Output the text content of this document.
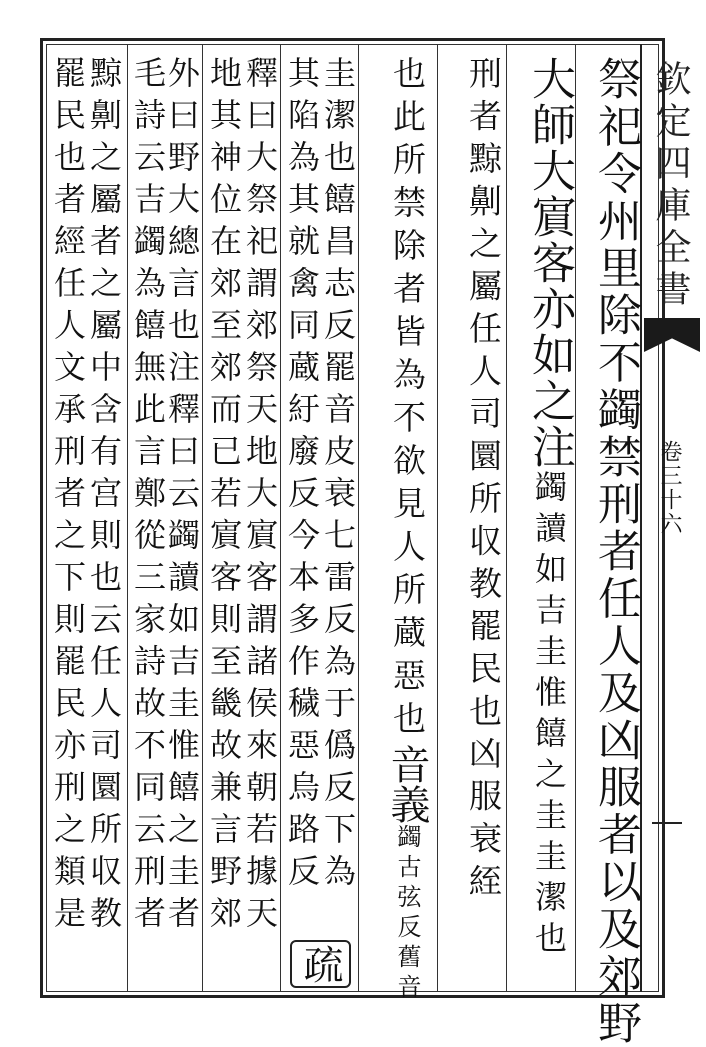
欽定四庫全書
卷三十六
祭祀令州里除不蠲禁刑者任人及凶服者以及郊野
大師大賔客亦如之注蠲讀如吉圭惟饎之圭圭潔也
刑者黥劓之屬任人司圜所収教罷民也凶服衰絰
也此所禁除者皆為不欲見人所蔵惡也音義蠲古弦反舊音
圭潔也饎昌志反罷音皮衰七雷反為于僞反下為
其陷為其就禽同蔵紆廢反今本多作穢惡烏路反
疏
釋曰大祭祀謂郊祭天地大賔客謂諸侯來朝若據天
地其神位在郊至郊而已若賔客則至畿故兼言野郊
外曰野大總言也注釋曰云蠲讀如吉圭惟饎之圭者
毛詩云吉蠲為饎無此言鄭從三家詩故不同云刑者
黥劓之屬者之屬中含有宫則也云任人司圜所収教
罷民也者經任人文承刑者之下則罷民亦刑之類是
